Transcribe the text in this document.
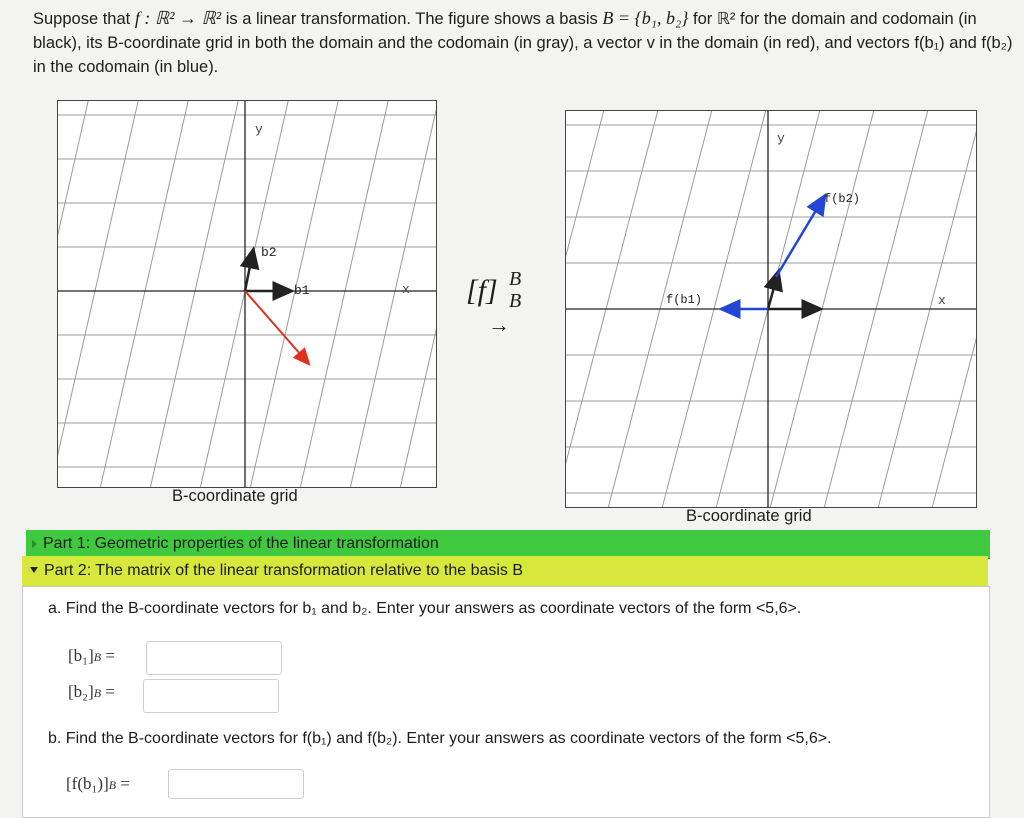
Suppose that f : ℝ² → ℝ² is a linear transformation. The figure shows a basis B = {b₁, b₂} for ℝ² for the domain and codomain (in black), its B-coordinate grid in both the domain and the codomain (in gray), a vector v in the domain (in red), and vectors f(b₁) and f(b₂) in the codomain (in blue).
y
x
b1
b2
B-coordinate grid
[f] B
B
→
y
x
f(b1)
f(b2)
B-coordinate grid
Part 1: Geometric properties of the linear transformation
Part 2: The matrix of the linear transformation relative to the basis B
a. Find the B-coordinate vectors for b₁ and b₂. Enter your answers as coordinate vectors of the form <5,6>.
[b₁]B =
[b₂]B =
b. Find the B-coordinate vectors for f(b₁) and f(b₂). Enter your answers as coordinate vectors of the form <5,6>.
[f(b₁)]B =
